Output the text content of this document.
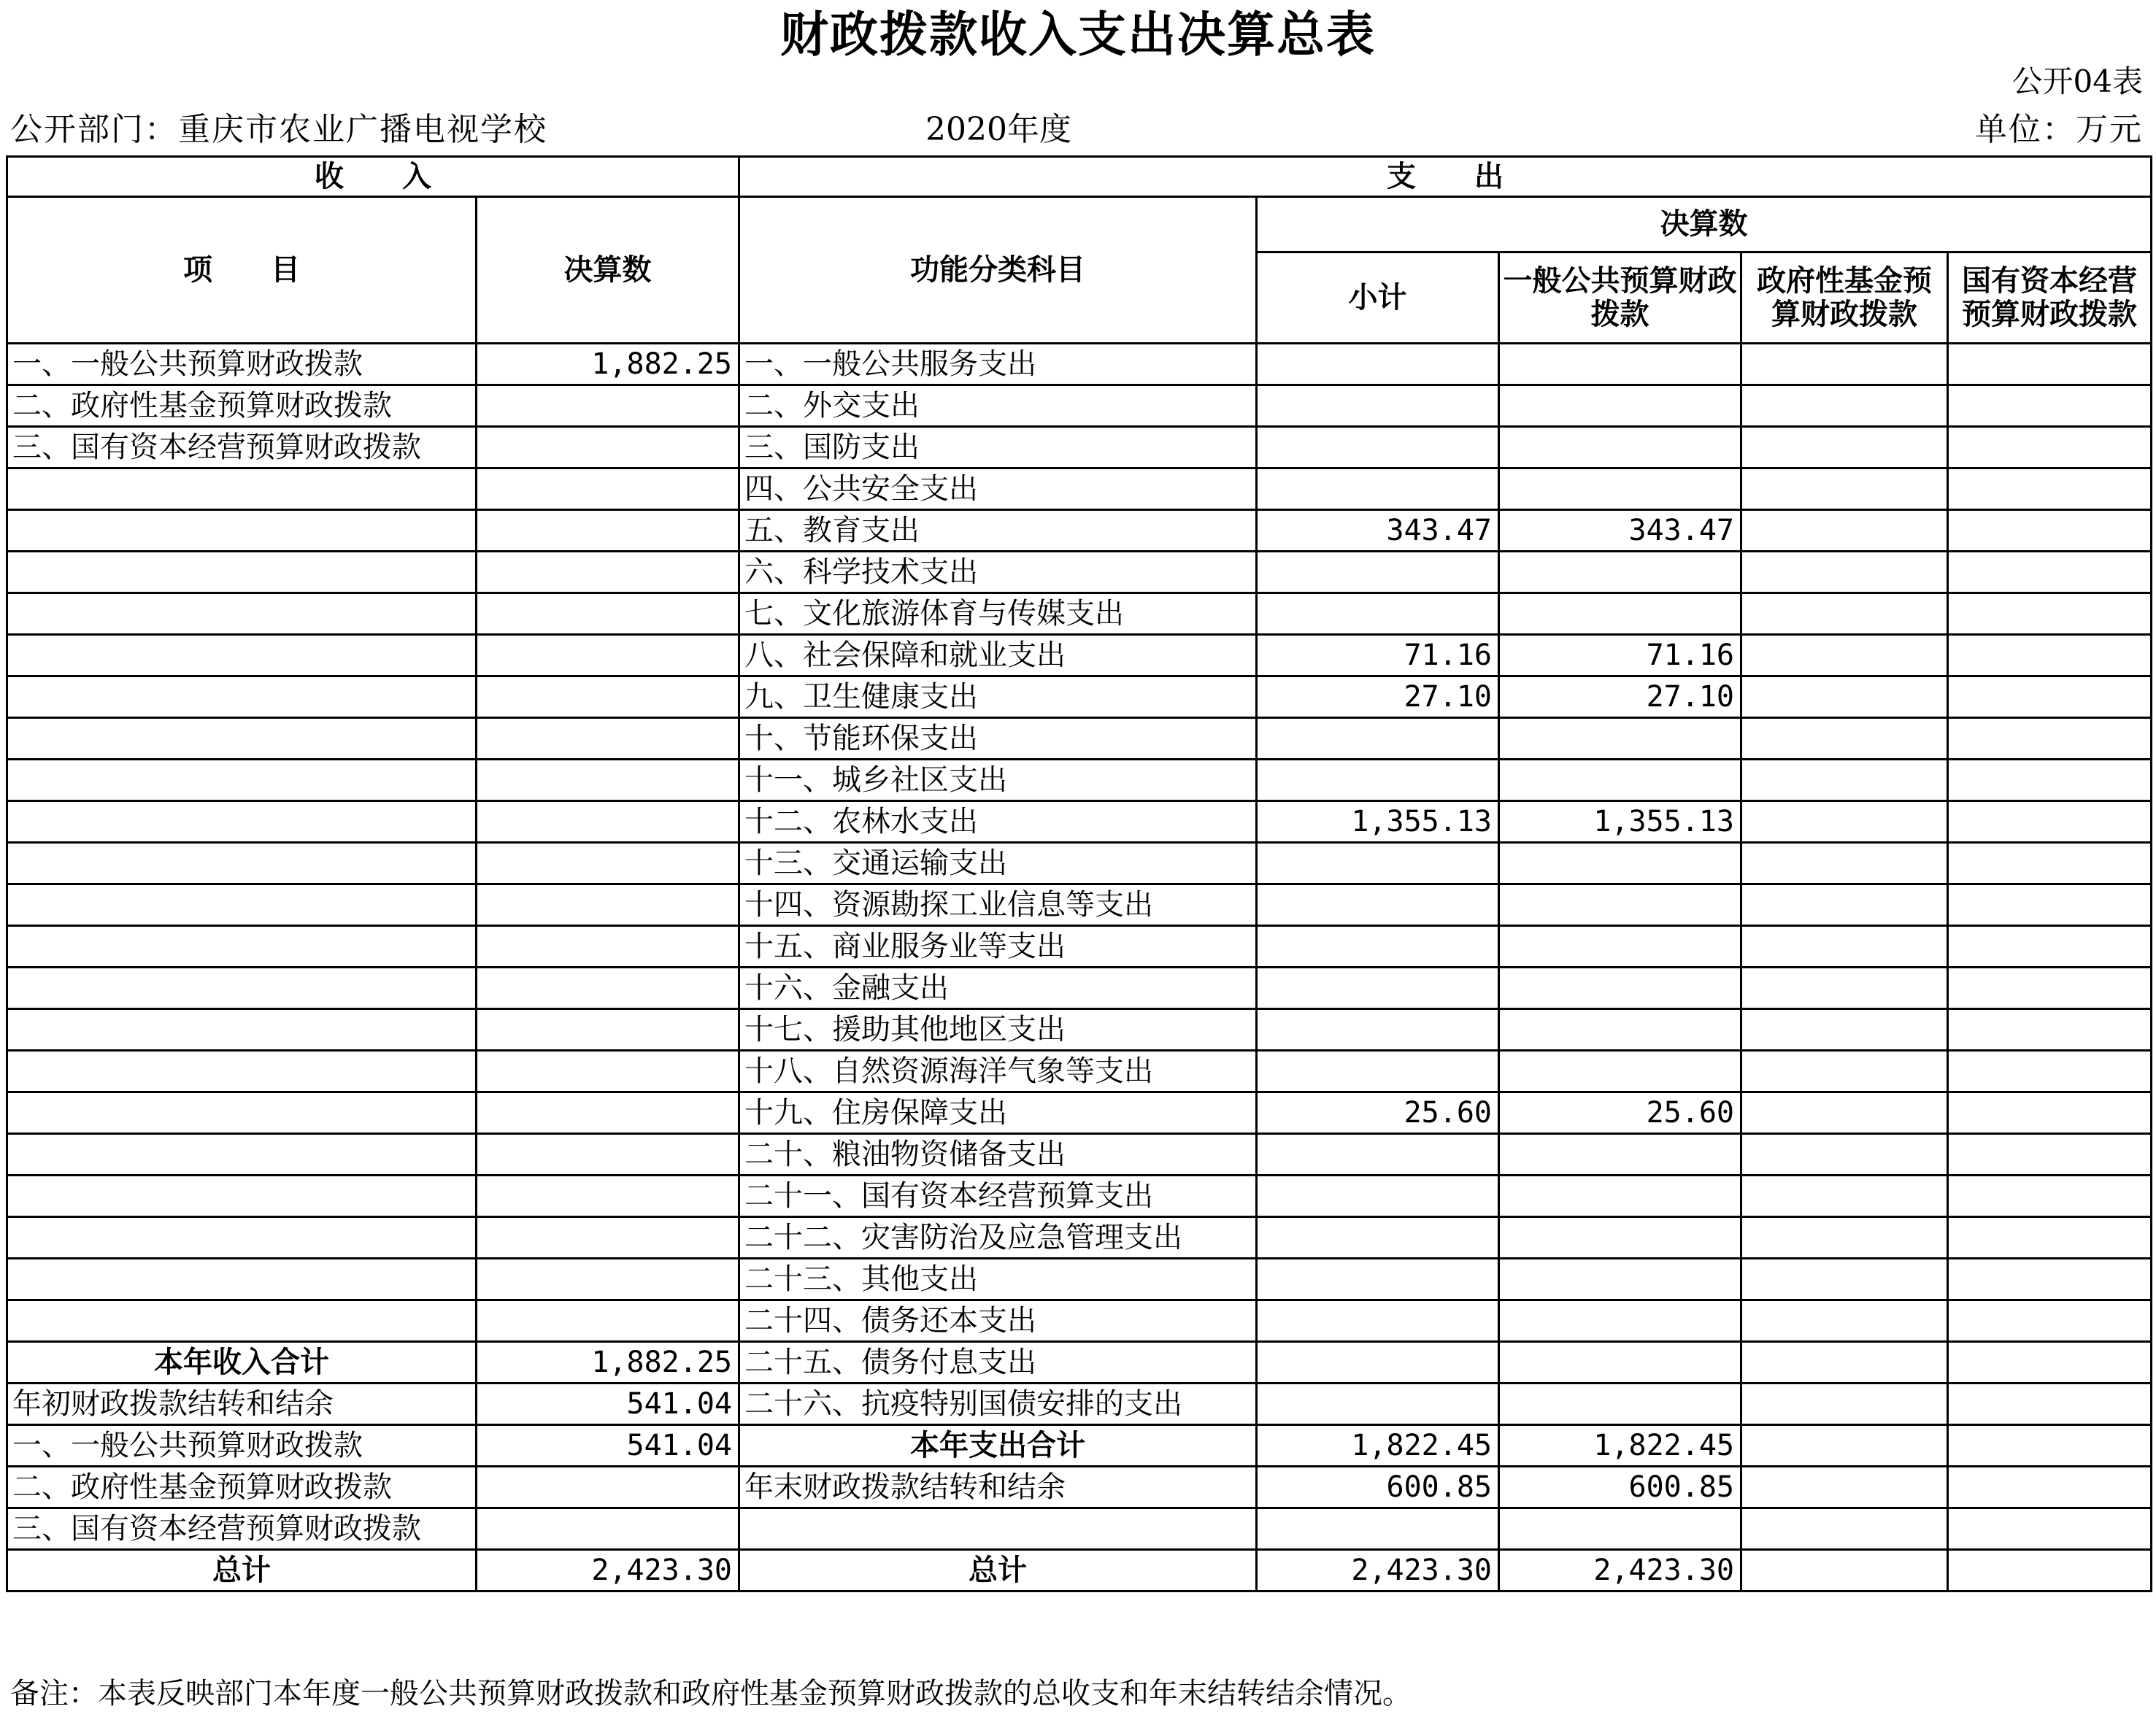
财政拨款收入支出决算总表
公开04表
公开部门：重庆市农业广播电视学校	2020年度	单位：万元
收　　入		支　　出				
项　　目	决算数	功能分类科目	决算数			
			小计	一般公共预算财政拨款	政府性基金预算财政拨款	国有资本经营预算财政拨款
一、一般公共预算财政拨款	1,882.25	一、一般公共服务支出				
二、政府性基金预算财政拨款		二、外交支出				
三、国有资本经营预算财政拨款		三、国防支出				
		四、公共安全支出				
		五、教育支出	343.47	343.47		
		六、科学技术支出				
		七、文化旅游体育与传媒支出				
		八、社会保障和就业支出	71.16	71.16		
		九、卫生健康支出	27.10	27.10		
		十、节能环保支出				
		十一、城乡社区支出				
		十二、农林水支出	1,355.13	1,355.13		
		十三、交通运输支出				
		十四、资源勘探工业信息等支出				
		十五、商业服务业等支出				
		十六、金融支出				
		十七、援助其他地区支出				
		十八、自然资源海洋气象等支出				
		十九、住房保障支出	25.60	25.60		
		二十、粮油物资储备支出				
		二十一、国有资本经营预算支出				
		二十二、灾害防治及应急管理支出				
		二十三、其他支出				
		二十四、债务还本支出				
本年收入合计	1,882.25	二十五、债务付息支出				
年初财政拨款结转和结余	541.04	二十六、抗疫特别国债安排的支出				
一、一般公共预算财政拨款	541.04	本年支出合计	1,822.45	1,822.45		
二、政府性基金预算财政拨款		年末财政拨款结转和结余	600.85	600.85		
三、国有资本经营预算财政拨款						
总计	2,423.30	总计	2,423.30	2,423.30		
备注：本表反映部门本年度一般公共预算财政拨款和政府性基金预算财政拨款的总收支和年末结转结余情况。
